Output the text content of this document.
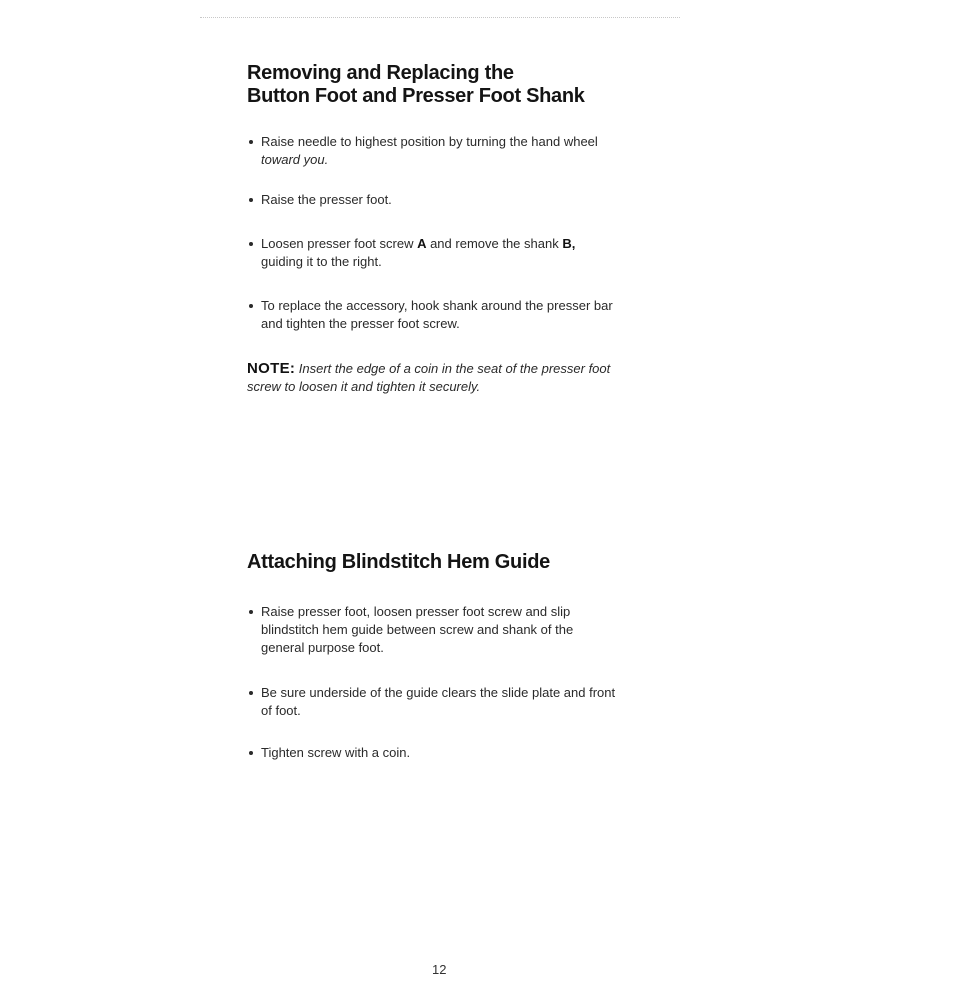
Removing and Replacing the
Button Foot and Presser Foot Shank
Raise needle to highest position by turning the hand wheel toward you.
Raise the presser foot.
Loosen presser foot screw A and remove the shank B, guiding it to the right.
To replace the accessory, hook shank around the presser bar and tighten the presser foot screw.
NOTE: Insert the edge of a coin in the seat of the presser foot screw to loosen it and tighten it securely.
Attaching Blindstitch Hem Guide
Raise presser foot, loosen presser foot screw and slip blindstitch hem guide between screw and shank of the general purpose foot.
Be sure underside of the guide clears the slide plate and front of foot.
Tighten screw with a coin.
12
